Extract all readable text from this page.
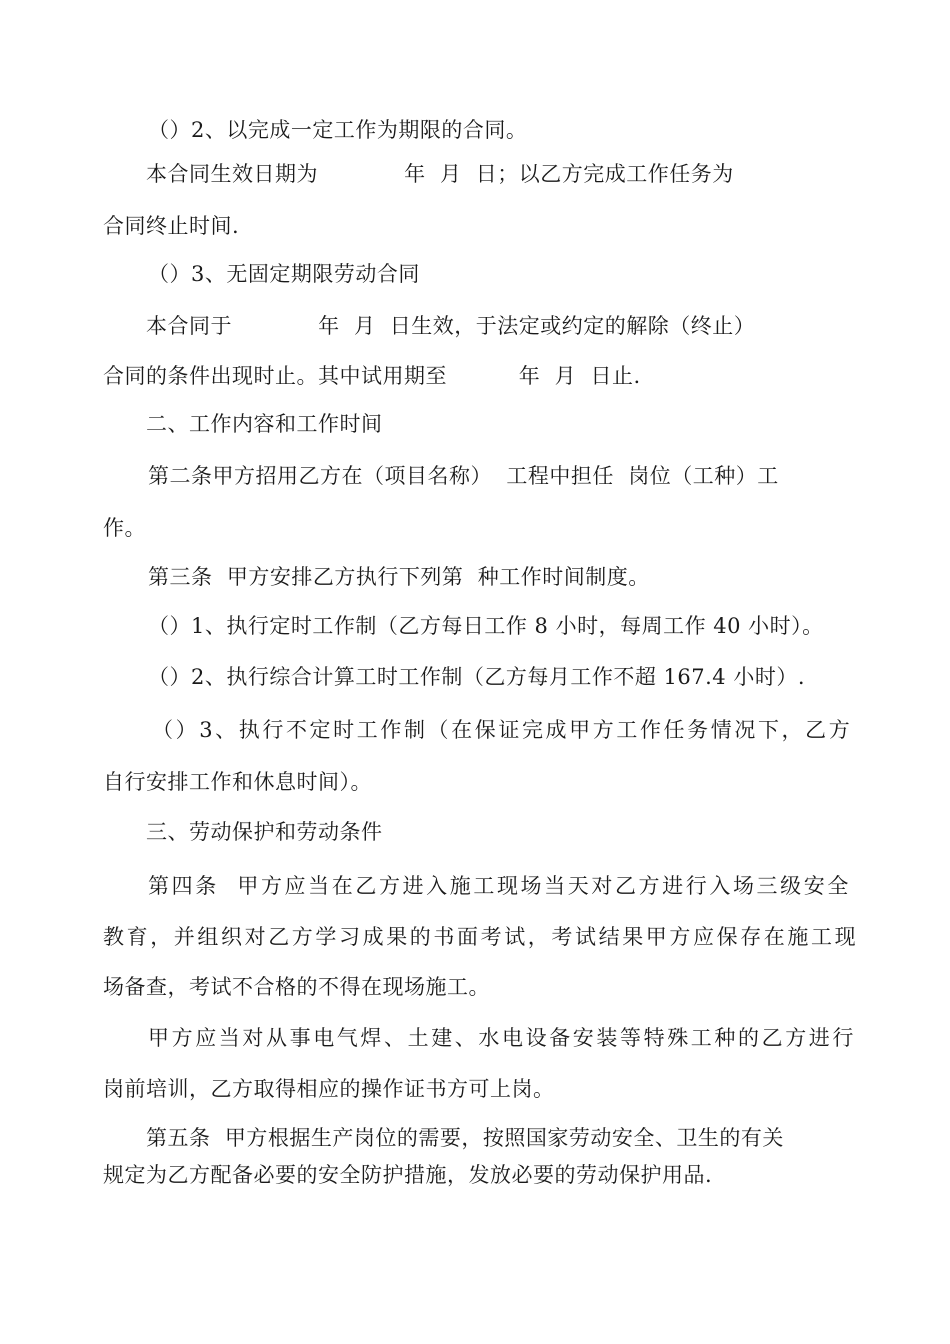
（）2、以完成一定工作为期限的合同。
本合同生效日期为            年  月  日；以乙方完成工作任务为
合同终止时间.
（）3、无固定期限劳动合同
本合同于            年  月  日生效，于法定或约定的解除（终止）
合同的条件出现时止。其中试用期至          年  月  日止.
二、工作内容和工作时间
第二条甲方招用乙方在（项目名称）  工程中担任  岗位（工种）工
作。
第三条  甲方安排乙方执行下列第  种工作时间制度。
（）1、执行定时工作制（乙方每日工作 8 小时，每周工作 40 小时）。
（）2、执行综合计算工时工作制（乙方每月工作不超 167.4 小时）.
（）3、执行不定时工作制（在保证完成甲方工作任务情况下，乙方
自行安排工作和休息时间）。
三、劳动保护和劳动条件
第四条  甲方应当在乙方进入施工现场当天对乙方进行入场三级安全
教育，并组织对乙方学习成果的书面考试，考试结果甲方应保存在施工现
场备查，考试不合格的不得在现场施工。
甲方应当对从事电气焊、土建、水电设备安装等特殊工种的乙方进行
岗前培训，乙方取得相应的操作证书方可上岗。
第五条  甲方根据生产岗位的需要，按照国家劳动安全、卫生的有关
规定为乙方配备必要的安全防护措施，发放必要的劳动保护用品.
